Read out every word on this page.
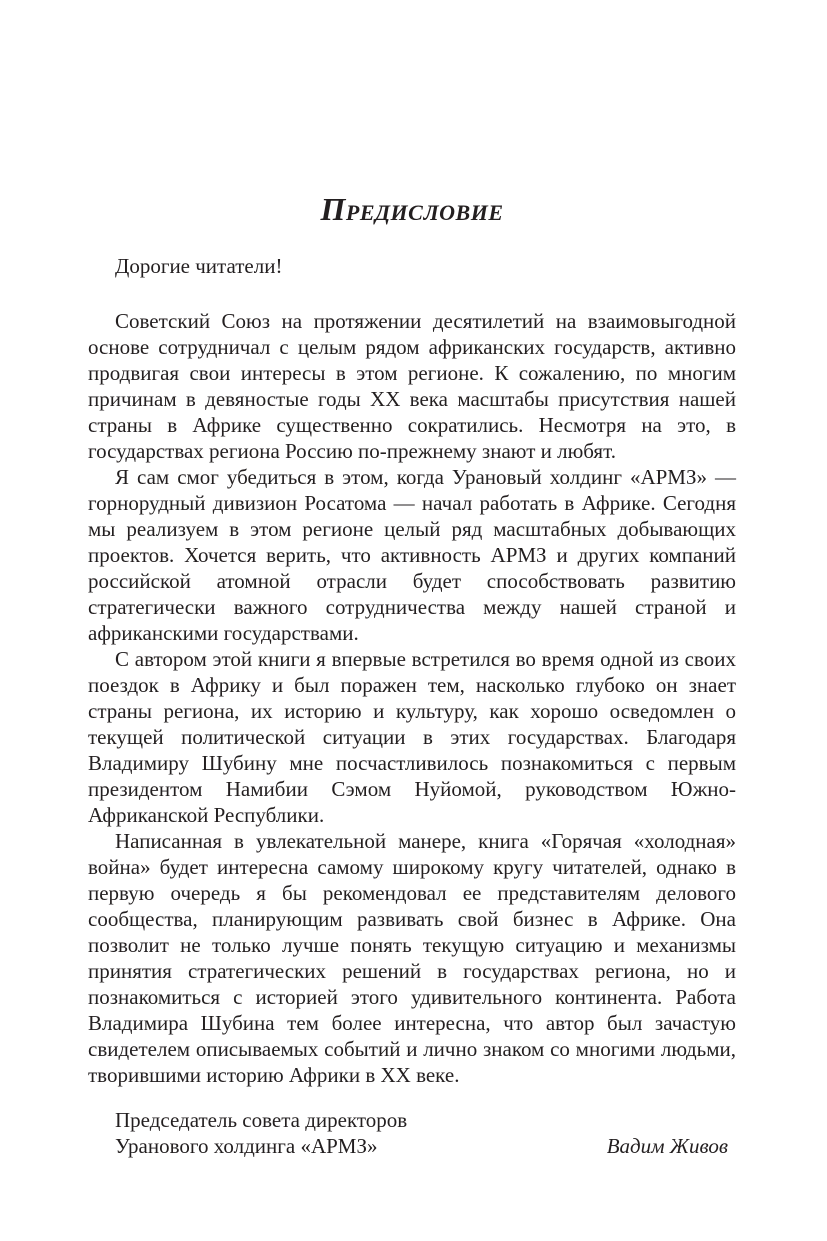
Предисловие

Дорогие читатели!

Советский Союз на протяжении десятилетий на взаимовыгодной основе сотрудничал с целым рядом африканских государств, активно продвигая свои интересы в этом регионе. К сожалению, по многим причинам в девяностые годы XX века масштабы присутствия нашей страны в Африке существенно сократились. Несмотря на это, в государствах региона Россию по-прежнему знают и любят.

Я сам смог убедиться в этом, когда Урановый холдинг «АРМЗ» — горнорудный дивизион Росатома — начал работать в Африке. Сегодня мы реализуем в этом регионе целый ряд масштабных добывающих проектов. Хочется верить, что активность АРМЗ и других компаний российской атомной отрасли будет способствовать развитию стратегически важного сотрудничества между нашей страной и африканскими государствами.

С автором этой книги я впервые встретился во время одной из своих поездок в Африку и был поражен тем, насколько глубоко он знает страны региона, их историю и культуру, как хорошо осведомлен о текущей политической ситуации в этих государствах. Благодаря Владимиру Шубину мне посчастливилось познакомиться с первым президентом Намибии Сэмом Нуйомой, руководством Южно-Африканской Республики.

Написанная в увлекательной манере, книга «Горячая «холодная» война» будет интересна самому широкому кругу читателей, однако в первую очередь я бы рекомендовал ее представителям делового сообщества, планирующим развивать свой бизнес в Африке. Она позволит не только лучше понять текущую ситуацию и механизмы принятия стратегических решений в государствах региона, но и познакомиться с историей этого удивительного континента. Работа Владимира Шубина тем более интересна, что автор был зачастую свидетелем описываемых событий и лично знаком со многими людьми, творившими историю Африки в XX веке.

Председатель совета директоров
Уранового холдинга «АРМЗ»	Вадим Живов
